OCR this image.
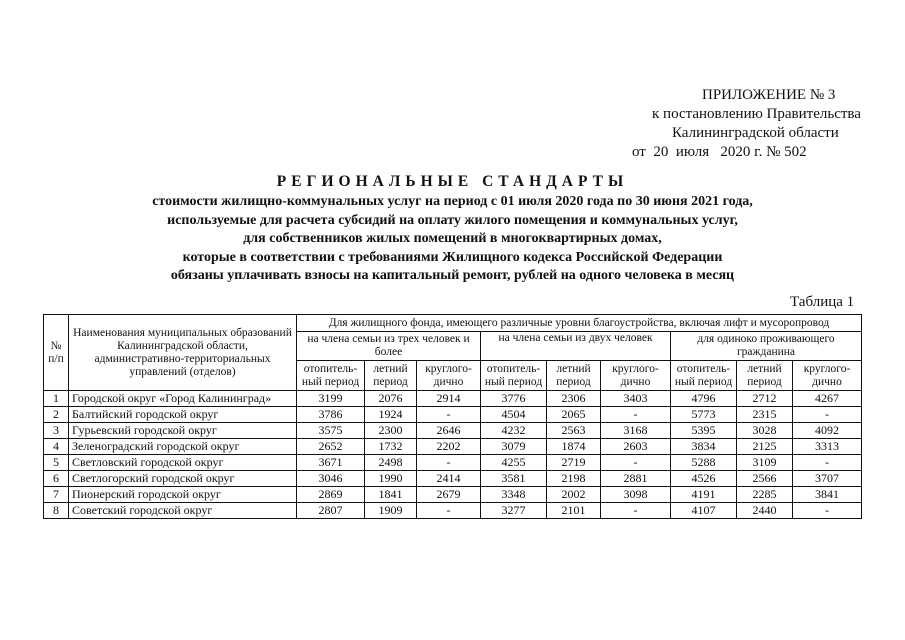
ПРИЛОЖЕНИЕ № 3
к постановлению Правительства
Калининградской области
от  20  июля   2020 г. № 502
РЕГИОНАЛЬНЫЕ СТАНДАРТЫ
стоимости жилищно-коммунальных услуг на период с 01 июля 2020 года по 30 июня 2021 года,
используемые для расчета субсидий на оплату жилого помещения и коммунальных услуг,
для собственников жилых помещений в многоквартирных домах,
которые в соответствии с требованиями Жилищного кодекса Российской Федерации
обязаны уплачивать взносы на капитальный ремонт, рублей на одного человека в месяц
Таблица 1
№ п/п	Наименования муниципальных образований Калининградской области, административно-территориальных управлений (отделов)	Для жилищного фонда, имеющего различные уровни благоустройства, включая лифт и мусоропровод								
		на члена семьи из трех человек и более			на члена семьи из двух человек			для одиноко проживающего гражданина		
		отопитель-ный период	летний период	круглого-дично	отопитель-ный период	летний период	круглого-дично	отопитель-ный период	летний период	круглого-дично
1	Городской округ «Город Калининград»	3199	2076	2914	3776	2306	3403	4796	2712	4267
2	Балтийский городской округ	3786	1924	-	4504	2065	-	5773	2315	-
3	Гурьевский городской округ	3575	2300	2646	4232	2563	3168	5395	3028	4092
4	Зеленоградский городской округ	2652	1732	2202	3079	1874	2603	3834	2125	3313
5	Светловский городской округ	3671	2498	-	4255	2719	-	5288	3109	-
6	Светлогорский городской округ	3046	1990	2414	3581	2198	2881	4526	2566	3707
7	Пионерский городской округ	2869	1841	2679	3348	2002	3098	4191	2285	3841
8	Советский городской округ	2807	1909	-	3277	2101	-	4107	2440	-
